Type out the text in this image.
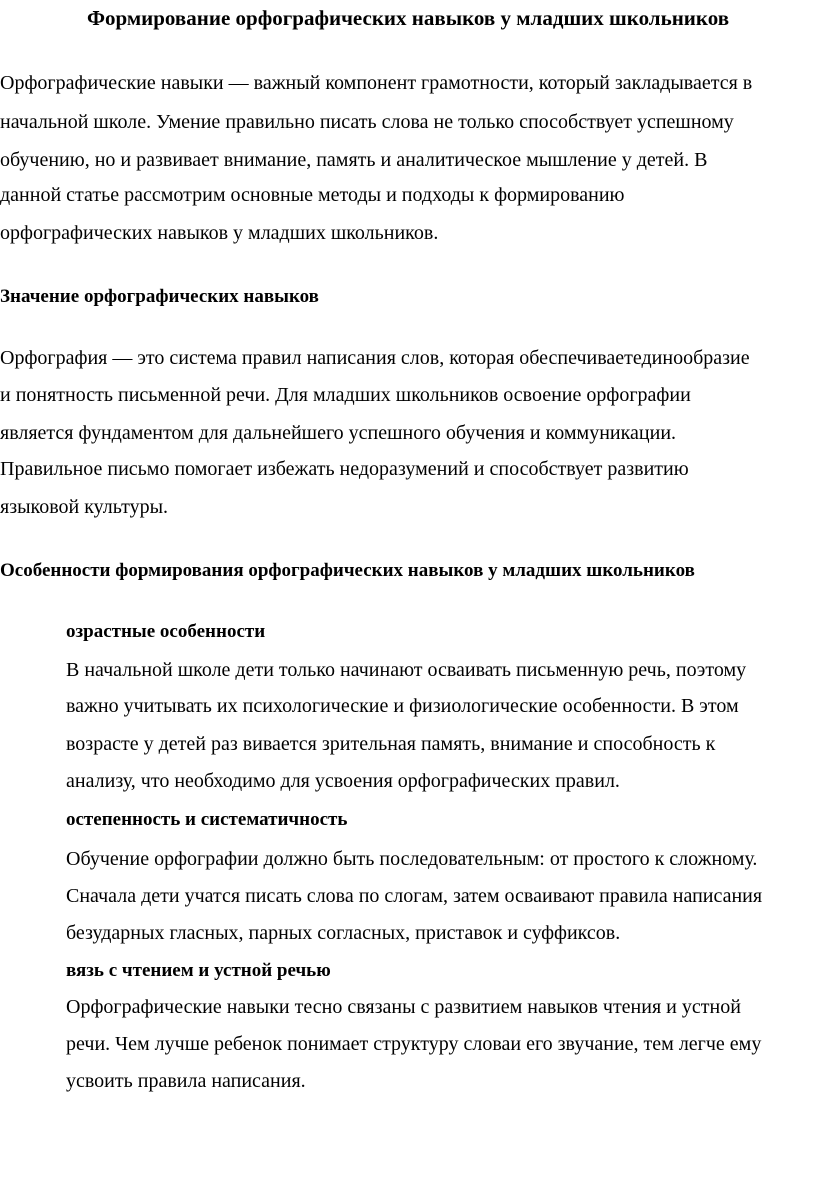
Формирование орфографических навыков у младших школьников
Орфографические навыки — важный компонент грамотности, который закладывается в
начальной школе. Умение правильно писать слова не только способствует успешному
обучению, но и развивает внимание, память и аналитическое мышление у детей. В
данной статье рассмотрим основные методы и подходы к формированию
орфографических навыков у младших школьников.
Значение орфографических навыков
Орфография — это система правил написания слов, которая обеспечиваетединообразие
и понятность письменной речи. Для младших школьников освоение орфографии
является фундаментом для дальнейшего успешного обучения и коммуникации.
Правильное письмо помогает избежать недоразумений и способствует развитию
языковой культуры.
Особенности формирования орфографических навыков у младших школьников
озрастные особенности
В начальной школе дети только начинают осваивать письменную речь, поэтому
важно учитывать их психологические и физиологические особенности. В этом
возрасте у детей раз вивается зрительная память, внимание и способность к
анализу, что необходимо для усвоения орфографических правил.
остепенность и систематичность
Обучение орфографии должно быть последовательным: от простого к сложному.
Сначала дети учатся писать слова по слогам, затем осваивают правила написания
безударных гласных, парных согласных, приставок и суффиксов.
вязь с чтением и устной речью
Орфографические навыки тесно связаны с развитием навыков чтения и устной
речи. Чем лучше ребенок понимает структуру словаи его звучание, тем легче ему
усвоить правила написания.
